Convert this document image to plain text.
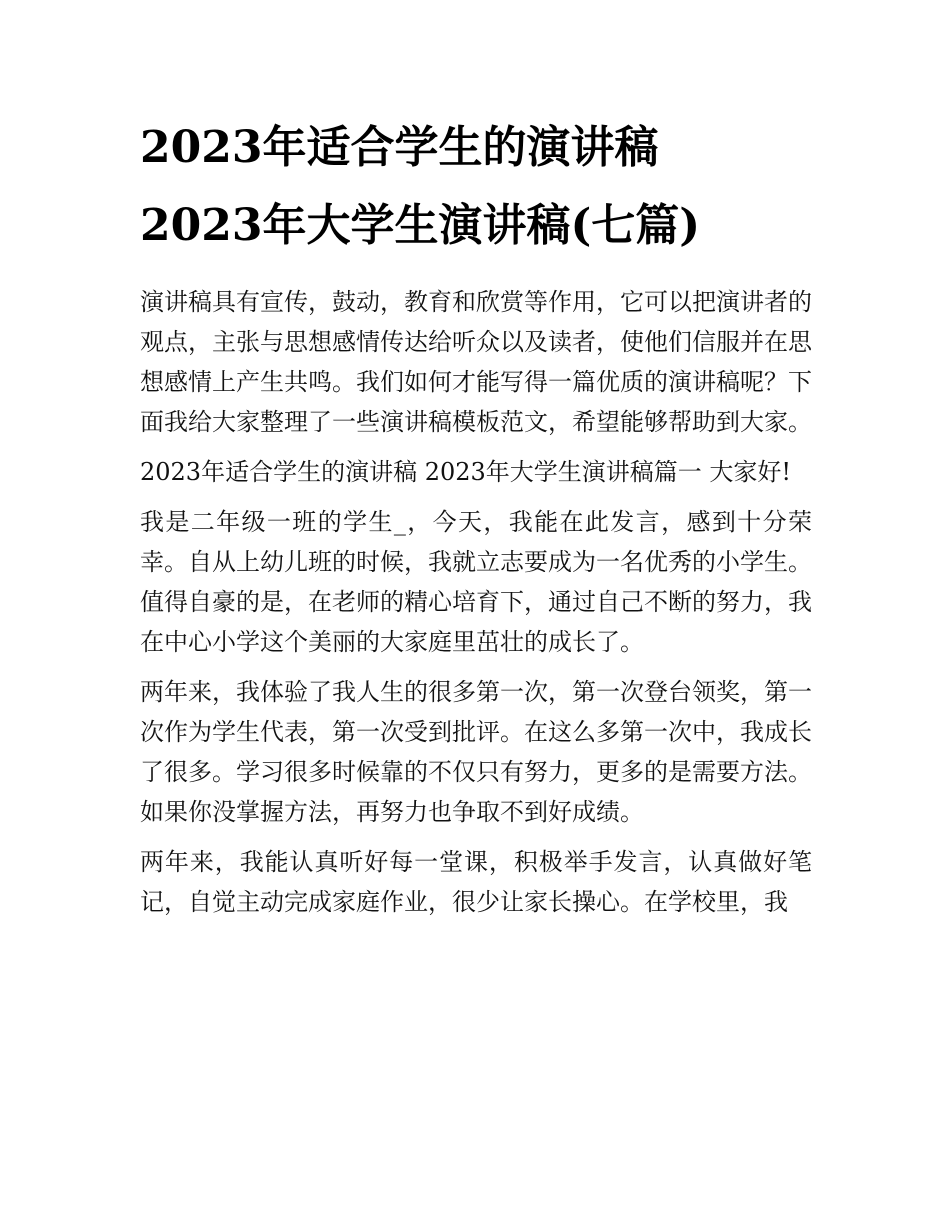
2023年适合学生的演讲稿
2023年大学生演讲稿(七篇)

演讲稿具有宣传，鼓动，教育和欣赏等作用，它可以把演讲者的观点，主张与思想感情传达给听众以及读者，使他们信服并在思想感情上产生共鸣。我们如何才能写得一篇优质的演讲稿呢？下面我给大家整理了一些演讲稿模板范文，希望能够帮助到大家。

2023年适合学生的演讲稿 2023年大学生演讲稿篇一 大家好!

我是二年级一班的学生_，今天，我能在此发言，感到十分荣幸。自从上幼儿班的时候，我就立志要成为一名优秀的小学生。值得自豪的是，在老师的精心培育下，通过自己不断的努力，我在中心小学这个美丽的大家庭里茁壮的成长了。

两年来，我体验了我人生的很多第一次，第一次登台领奖，第一次作为学生代表，第一次受到批评。在这么多第一次中，我成长了很多。学习很多时候靠的不仅只有努力，更多的是需要方法。如果你没掌握方法，再努力也争取不到好成绩。

两年来，我能认真听好每一堂课，积极举手发言，认真做好笔记，自觉主动完成家庭作业，很少让家长操心。在学校里，我
